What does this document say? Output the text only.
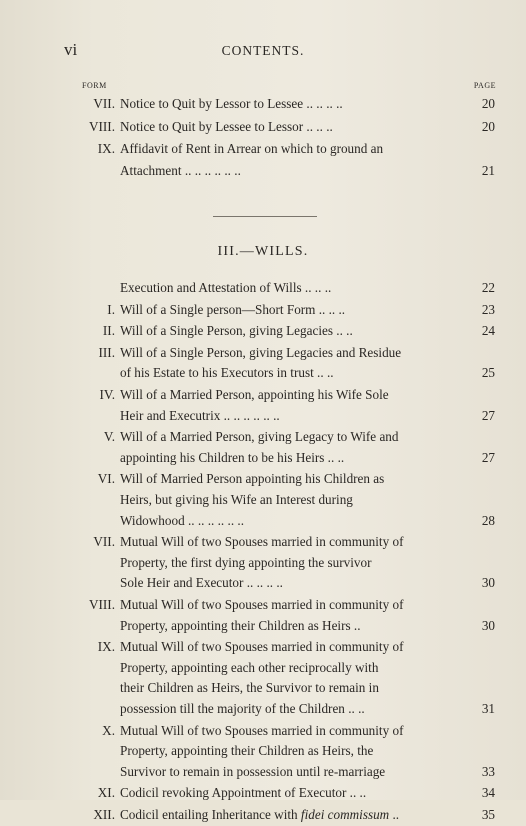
vi	CONTENTS.
FORM	PAGE
VII. Notice to Quit by Lessor to Lessee .. .. .. ..	20
VIII. Notice to Quit by Lessee to Lessor .. .. ..	20
IX. Affidavit of Rent in Arrear on which to ground an
Attachment .. .. .. .. .. ..	21
III.—WILLS.
Execution and Attestation of Wills .. .. ..	22
I. Will of a Single person—Short Form .. .. ..	23
II. Will of a Single Person, giving Legacies .. ..	24
III. Will of a Single Person, giving Legacies and Residue
of his Estate to his Executors in trust .. ..	25
IV. Will of a Married Person, appointing his Wife Sole
Heir and Executrix .. .. .. .. .. ..	27
V. Will of a Married Person, giving Legacy to Wife and
appointing his Children to be his Heirs .. ..	27
VI. Will of Married Person appointing his Children as
Heirs, but giving his Wife an Interest during
Widowhood .. .. .. .. .. ..	28
VII. Mutual Will of two Spouses married in community of
Property, the first dying appointing the survivor
Sole Heir and Executor .. .. .. ..	30
VIII. Mutual Will of two Spouses married in community of
Property, appointing their Children as Heirs ..	30
IX. Mutual Will of two Spouses married in community of
Property, appointing each other reciprocally with
their Children as Heirs, the Survivor to remain in
possession till the majority of the Children .. ..	31
X. Mutual Will of two Spouses married in community of
Property, appointing their Children as Heirs, the
Survivor to remain in possession until re-marriage	33
XI. Codicil revoking Appointment of Executor .. ..	34
XII. Codicil entailing Inheritance with fidei commissum ..	35
